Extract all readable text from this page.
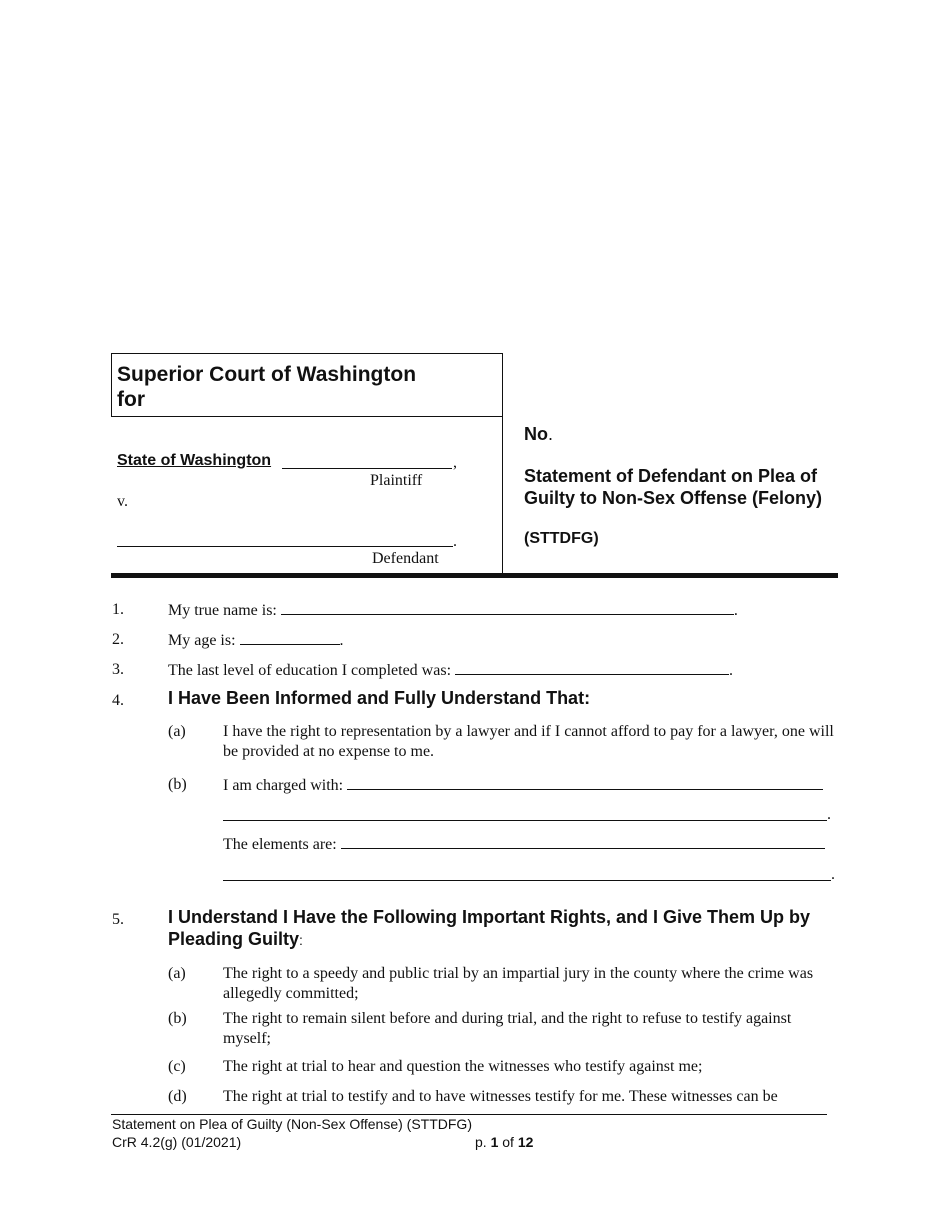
Superior Court of Washington for
State of Washington	,
Plaintiff
v.
.
Defendant
No.
Statement of Defendant on Plea of Guilty to Non-Sex Offense (Felony)
(STTDFG)
1.	My true name is:	.
2.	My age is:	.
3.	The last level of education I completed was:	.
4. I Have Been Informed and Fully Understand That:
(a) I have the right to representation by a lawyer and if I cannot afford to pay for a lawyer, one will be provided at no expense to me.
(b) I am charged with:
.
The elements are:
.
5. I Understand I Have the Following Important Rights, and I Give Them Up by Pleading Guilty:
(a) The right to a speedy and public trial by an impartial jury in the county where the crime was allegedly committed;
(b) The right to remain silent before and during trial, and the right to refuse to testify against myself;
(c) The right at trial to hear and question the witnesses who testify against me;
(d) The right at trial to testify and to have witnesses testify for me. These witnesses can be
Statement on Plea of Guilty (Non-Sex Offense) (STTDFG)
CrR 4.2(g) (01/2021)	p. 1 of 12
